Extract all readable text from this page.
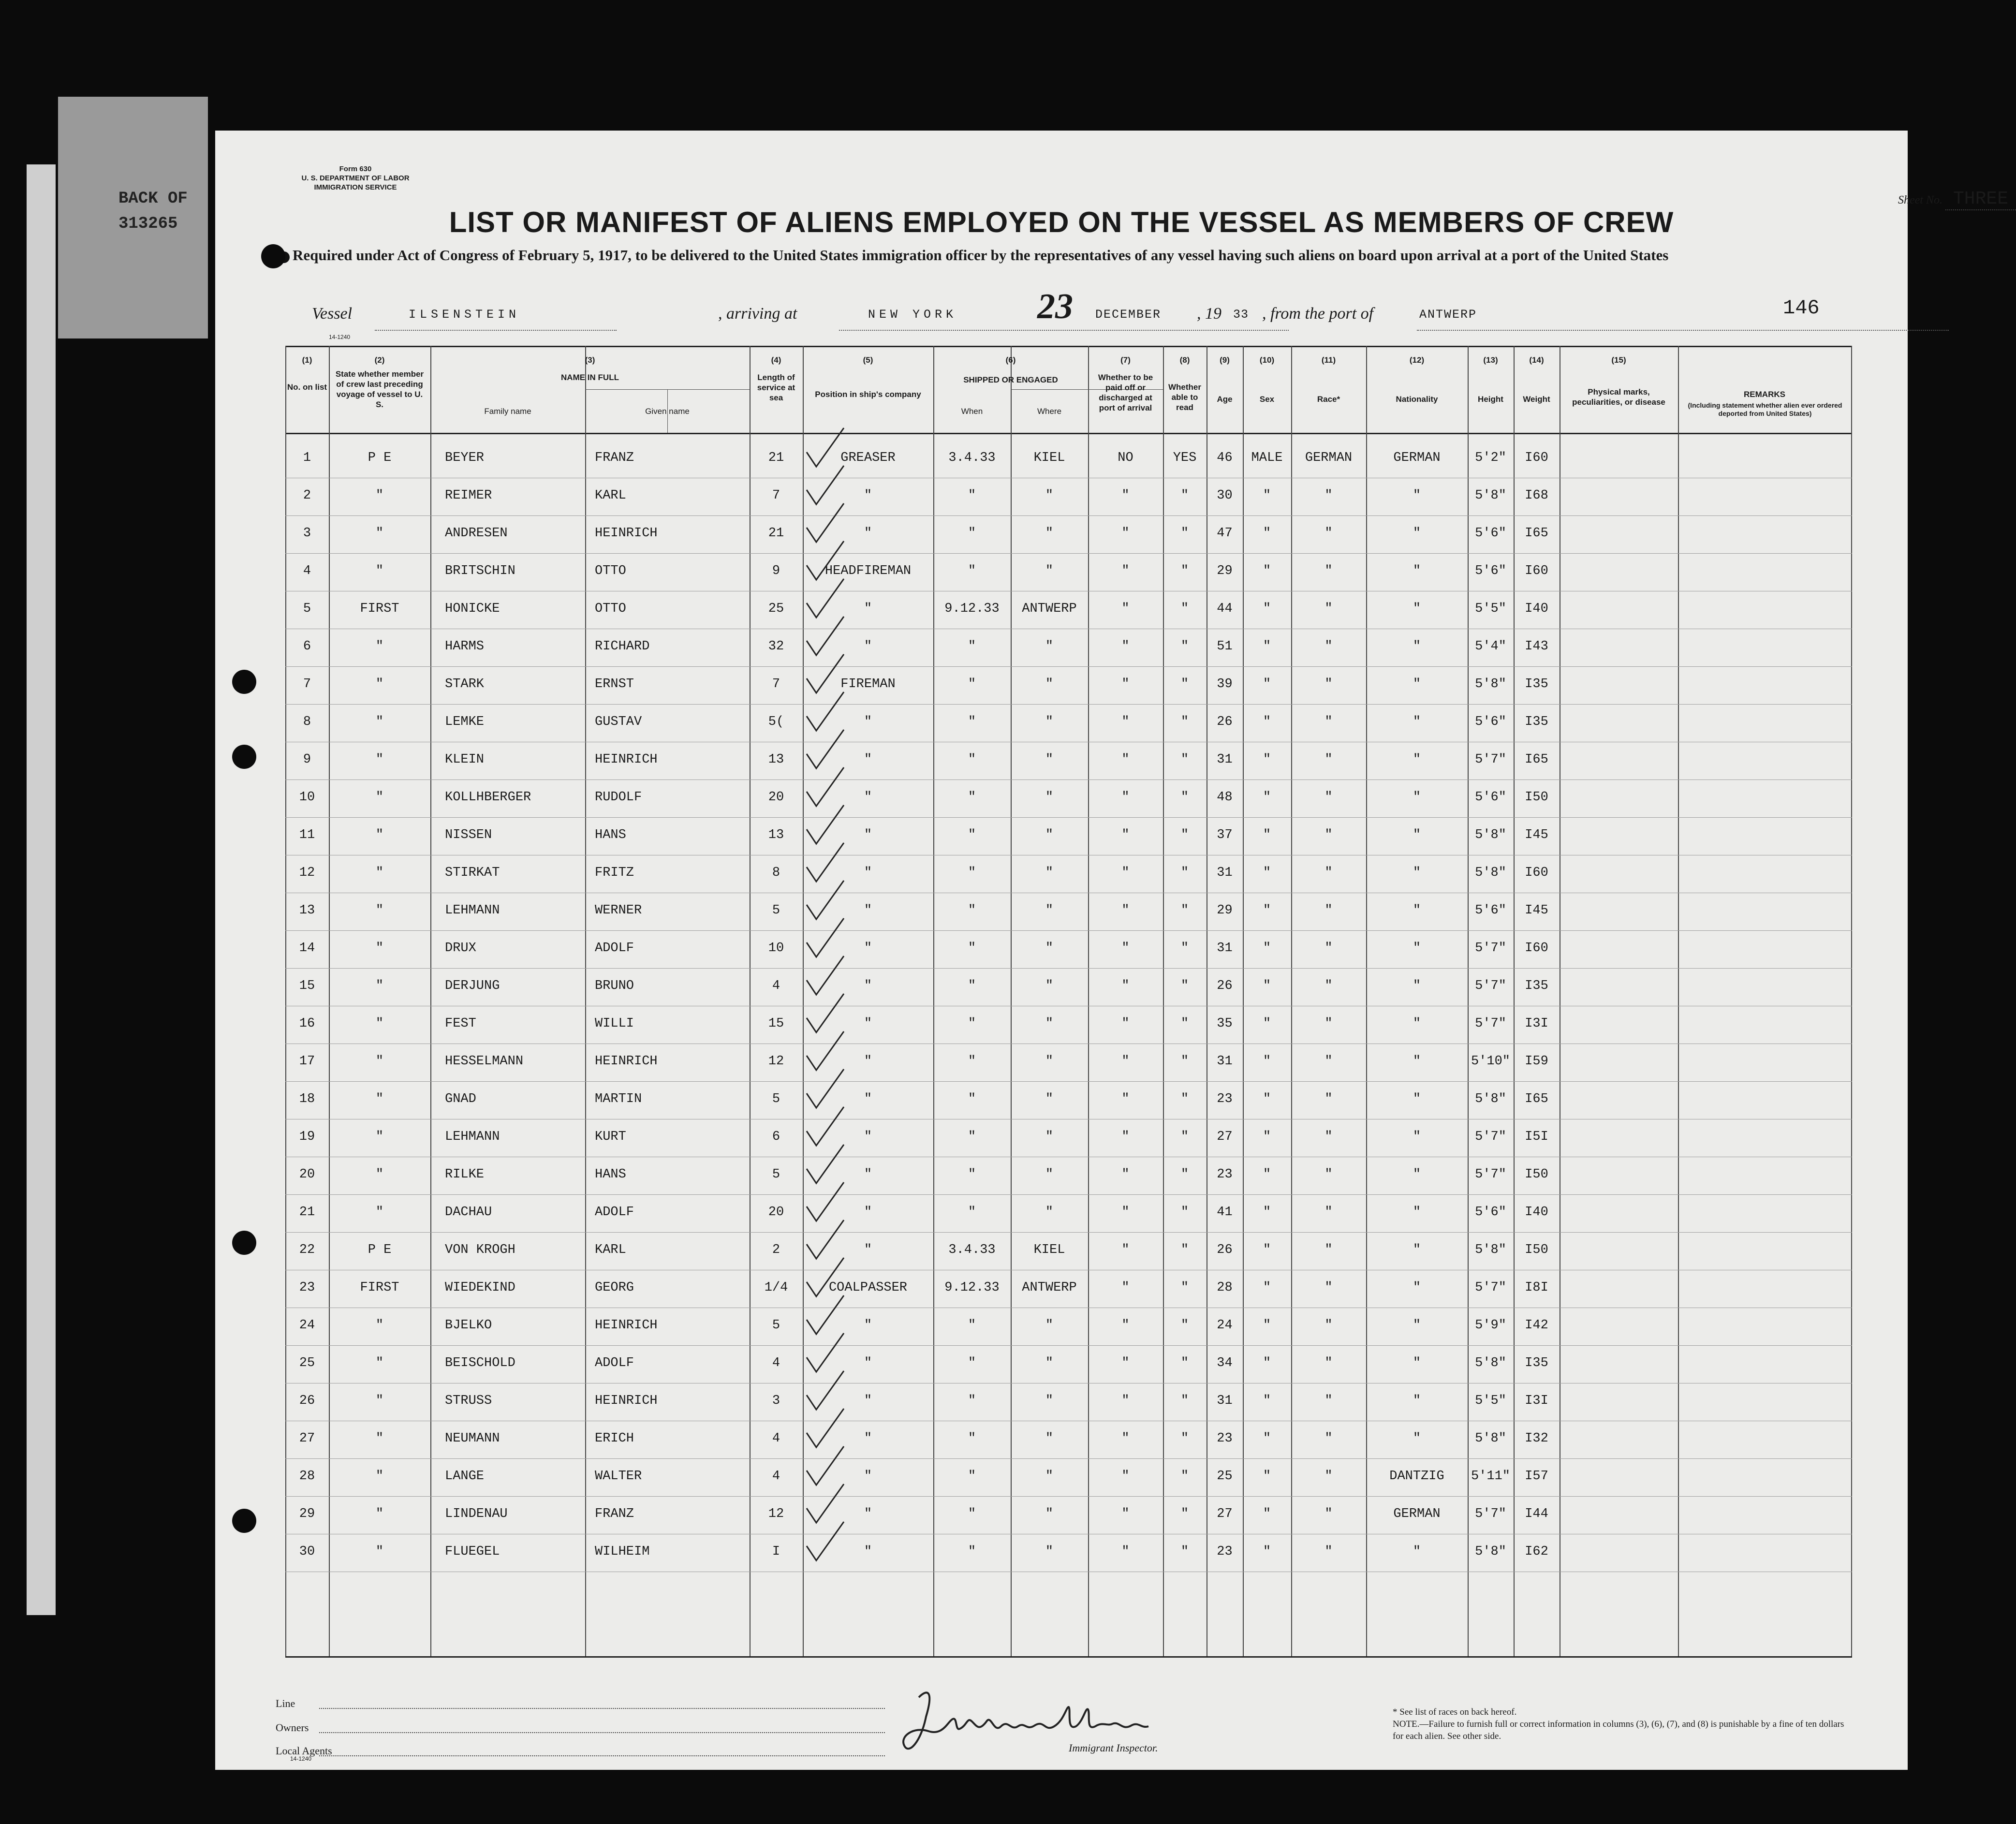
BACK OF
313265
Form 630
U. S. DEPARTMENT OF LABOR
IMMIGRATION SERVICE
Sheet No. THREE
LIST OR MANIFEST OF ALIENS EMPLOYED ON THE VESSEL AS MEMBERS OF CREW
Required under Act of Congress of February 5, 1917, to be delivered to the United States immigration officer by the representatives of any vessel having such aliens on board upon arrival at a port of the United States
Vessel	ILSENSTEIN	, arriving at	NEW YORK 23 DECEMBER , 19 33 , from the port of	ANTWERP	146
14-1240
(1)
No. on list
(2)
State whether member of crew last preceding voyage of vessel to U. S.
(3)
NAME IN FULL
Family name	Given name
(4)
Length of service at sea
(5)
Position in ship's company
(6)
SHIPPED OR ENGAGED
When	Where
(7)
Whether to be paid off or discharged at port of arrival
(8)
Whether able to read
(9)
Age
(10)
Sex
(11)
Race*
(12)
Nationality
(13)
Height
(14)
Weight
(15)
Physical marks, peculiarities, or disease
REMARKS
(Including statement whether alien ever ordered deported from United States)
1	P E	BEYER	FRANZ	21	GREASER	3.4.33	KIEL	NO	YES	46	MALE	GERMAN	GERMAN	5'2"	I60
2	"	REIMER	KARL	7	"	"	"	"	"	30	"	"	"	5'8"	I68
3	"	ANDRESEN	HEINRICH	21	"	"	"	"	"	47	"	"	"	5'6"	I65
4	"	BRITSCHIN	OTTO	9	HEADFIREMAN	"	"	"	"	29	"	"	"	5'6"	I60
5	FIRST	HONICKE	OTTO	25	"	9.12.33	ANTWERP	"	"	44	"	"	"	5'5"	I40
6	"	HARMS	RICHARD	32	"	"	"	"	"	51	"	"	"	5'4"	I43
7	"	STARK	ERNST	7	FIREMAN	"	"	"	"	39	"	"	"	5'8"	I35
8	"	LEMKE	GUSTAV	5(	"	"	"	"	"	26	"	"	"	5'6"	I35
9	"	KLEIN	HEINRICH	13	"	"	"	"	"	31	"	"	"	5'7"	I65
10	"	KOLLHBERGER	RUDOLF	20	"	"	"	"	"	48	"	"	"	5'6"	I50
11	"	NISSEN	HANS	13	"	"	"	"	"	37	"	"	"	5'8"	I45
12	"	STIRKAT	FRITZ	8	"	"	"	"	"	31	"	"	"	5'8"	I60
13	"	LEHMANN	WERNER	5	"	"	"	"	"	29	"	"	"	5'6"	I45
14	"	DRUX	ADOLF	10	"	"	"	"	"	31	"	"	"	5'7"	I60
15	"	DERJUNG	BRUNO	4	"	"	"	"	"	26	"	"	"	5'7"	I35
16	"	FEST	WILLI	15	"	"	"	"	"	35	"	"	"	5'7"	I3I
17	"	HESSELMANN	HEINRICH	12	"	"	"	"	"	31	"	"	"	5'10"	I59
18	"	GNAD	MARTIN	5	"	"	"	"	"	23	"	"	"	5'8"	I65
19	"	LEHMANN	KURT	6	"	"	"	"	"	27	"	"	"	5'7"	I5I
20	"	RILKE	HANS	5	"	"	"	"	"	23	"	"	"	5'7"	I50
21	"	DACHAU	ADOLF	20	"	"	"	"	"	41	"	"	"	5'6"	I40
22	P E	VON KROGH	KARL	2	"	3.4.33	KIEL	"	"	26	"	"	"	5'8"	I50
23	FIRST	WIEDEKIND	GEORG	1/4	COALPASSER	9.12.33	ANTWERP	"	"	28	"	"	"	5'7"	I8I
24	"	BJELKO	HEINRICH	5	"	"	"	"	"	24	"	"	"	5'9"	I42
25	"	BEISCHOLD	ADOLF	4	"	"	"	"	"	34	"	"	"	5'8"	I35
26	"	STRUSS	HEINRICH	3	"	"	"	"	"	31	"	"	"	5'5"	I3I
27	"	NEUMANN	ERICH	4	"	"	"	"	"	23	"	"	"	5'8"	I32
28	"	LANGE	WALTER	4	"	"	"	"	"	25	"	"	DANTZIG	5'11"	I57
29	"	LINDENAU	FRANZ	12	"	"	"	"	"	27	"	"	GERMAN	5'7"	I44
30	"	FLUEGEL	WILHEIM	I	"	"	"	"	"	23	"	"	"	5'8"	I62
Line
Owners
Local Agents
14-1240
John Wallace
Immigrant Inspector.
* See list of races on back hereof.
NOTE.—Failure to furnish full or correct information in columns (3), (6), (7), and (8) is punishable by a fine of ten dollars for each alien. See other side.
